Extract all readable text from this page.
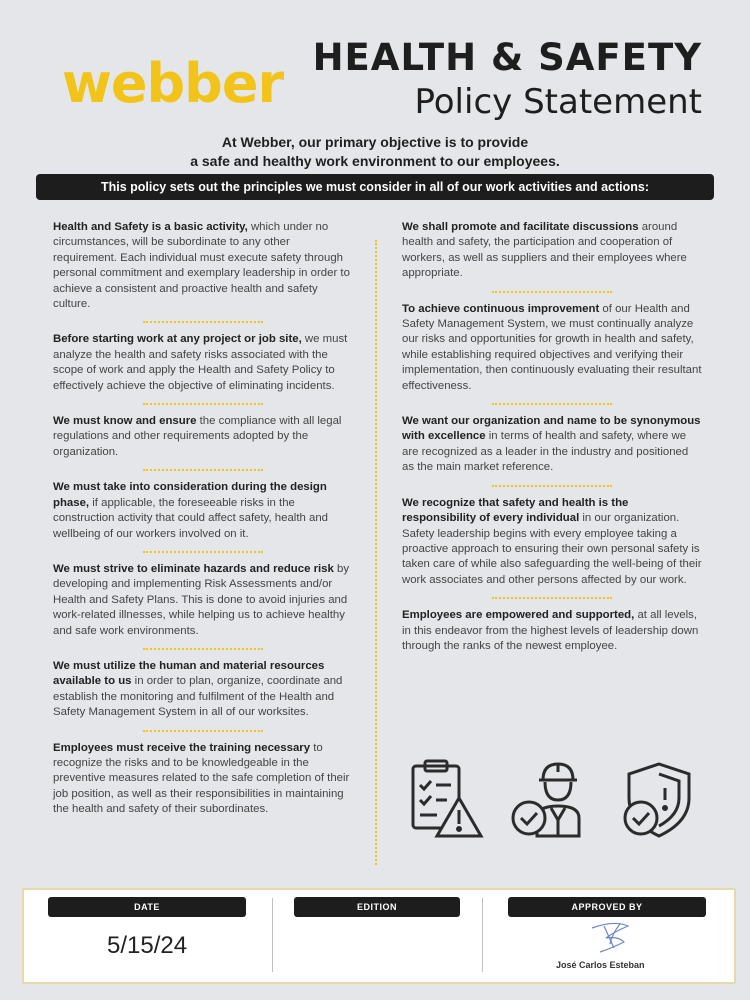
webber HEALTH & SAFETY
Policy Statement
At Webber, our primary objective is to provide
a safe and healthy work environment to our employees.
This policy sets out the principles we must consider in all of our work activities and actions:

Health and Safety is a basic activity, which under no circumstances, will be subordinate to any other requirement. Each individual must execute safety through personal commitment and exemplary leadership in order to achieve a consistent and proactive health and safety culture.

Before starting work at any project or job site, we must analyze the health and safety risks associated with the scope of work and apply the Health and Safety Policy to effectively achieve the objective of eliminating incidents.

We must know and ensure the compliance with all legal regulations and other requirements adopted by the organization.

We must take into consideration during the design phase, if applicable, the foreseeable risks in the construction activity that could affect safety, health and wellbeing of our workers involved on it.

We must strive to eliminate hazards and reduce risk by developing and implementing Risk Assessments and/or Health and Safety Plans. This is done to avoid injuries and work-related illnesses, while helping us to achieve healthy and safe work environments.

We must utilize the human and material resources available to us in order to plan, organize, coordinate and establish the monitoring and fulfilment of the Health and Safety Management System in all of our worksites.

Employees must receive the training necessary to recognize the risks and to be knowledgeable in the preventive measures related to the safe completion of their job position, as well as their responsibilities in maintaining the health and safety of their subordinates.

We shall promote and facilitate discussions around health and safety, the participation and cooperation of workers, as well as suppliers and their employees where appropriate.

To achieve continuous improvement of our Health and Safety Management System, we must continually analyze our risks and opportunities for growth in health and safety, while establishing required objectives and verifying their implementation, then continuously evaluating their resultant effectiveness.

We want our organization and name to be synonymous with excellence in terms of health and safety, where we are recognized as a leader in the industry and positioned as the main market reference.

We recognize that safety and health is the responsibility of every individual in our organization. Safety leadership begins with every employee taking a proactive approach to ensuring their own personal safety is taken care of while also safeguarding the well-being of their work associates and other persons affected by our work.

Employees are empowered and supported, at all levels, in this endeavor from the highest levels of leadership down through the ranks of the newest employee.

DATE
5/15/24
EDITION	APPROVED BY
José Carlos Esteban
